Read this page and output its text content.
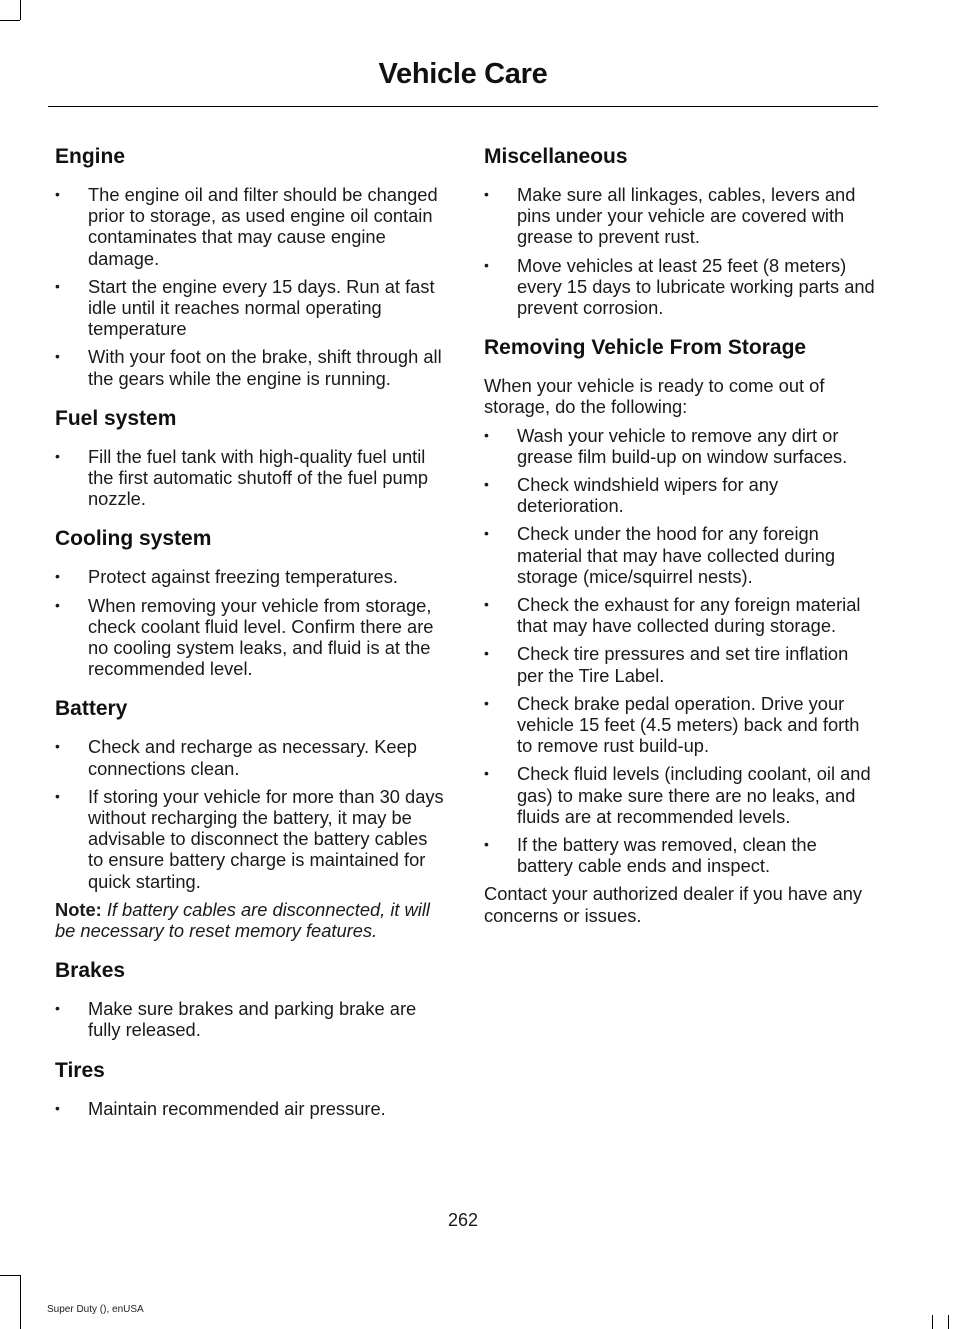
Vehicle Care
Engine
• The engine oil and filter should be changed prior to storage, as used engine oil contain contaminates that may cause engine damage.
• Start the engine every 15 days. Run at fast idle until it reaches normal operating temperature
• With your foot on the brake, shift through all the gears while the engine is running.
Fuel system
• Fill the fuel tank with high-quality fuel until the first automatic shutoff of the fuel pump nozzle.
Cooling system
• Protect against freezing temperatures.
• When removing your vehicle from storage, check coolant fluid level. Confirm there are no cooling system leaks, and fluid is at the recommended level.
Battery
• Check and recharge as necessary. Keep connections clean.
• If storing your vehicle for more than 30 days without recharging the battery, it may be advisable to disconnect the battery cables to ensure battery charge is maintained for quick starting.

Note: If battery cables are disconnected, it will be necessary to reset memory features.

Brakes
• Make sure brakes and parking brake are fully released.
Tires
• Maintain recommended air pressure.
Miscellaneous
• Make sure all linkages, cables, levers and pins under your vehicle are covered with grease to prevent rust.
• Move vehicles at least 25 feet (8 meters) every 15 days to lubricate working parts and prevent corrosion.
Removing Vehicle From Storage

When your vehicle is ready to come out of storage, do the following:

• Wash your vehicle to remove any dirt or grease film build-up on window surfaces.
• Check windshield wipers for any deterioration.
• Check under the hood for any foreign material that may have collected during storage (mice/squirrel nests).
• Check the exhaust for any foreign material that may have collected during storage.
• Check tire pressures and set tire inflation per the Tire Label.
• Check brake pedal operation. Drive your vehicle 15 feet (4.5 meters) back and forth to remove rust build-up.
• Check fluid levels (including coolant, oil and gas) to make sure there are no leaks, and fluids are at recommended levels.
• If the battery was removed, clean the battery cable ends and inspect.

Contact your authorized dealer if you have any concerns or issues.

262
Super Duty (), enUSA
